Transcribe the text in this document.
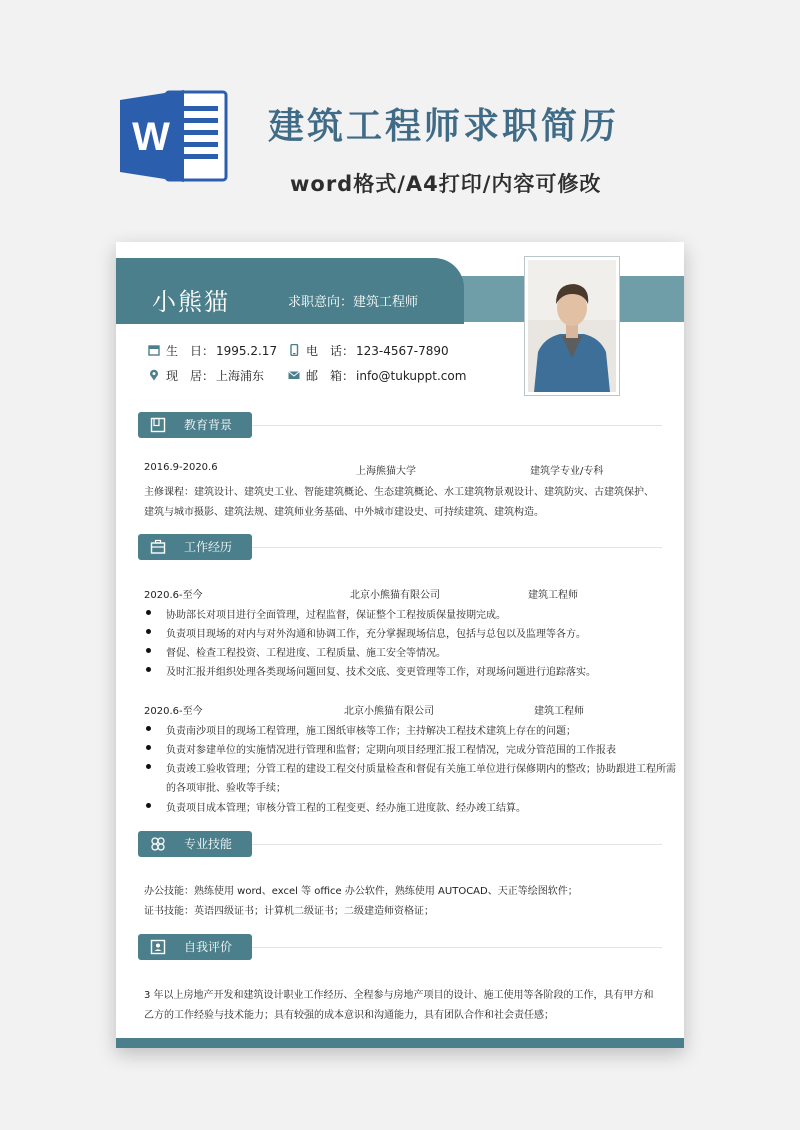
W	建筑工程师求职简历
word格式/A4打印/内容可修改
小熊猫	求职意向：建筑工程师
生　日： 1995.2.17	电　话： 123-4567-7890
现　居： 上海浦东	邮　箱： info@tukuppt.com
教育背景
2016.9-2020.6	上海熊猫大学	建筑学专业/专科
主修课程：建筑设计、建筑史工业、智能建筑概论、生态建筑概论、水工建筑物景观设计、建筑防灾、古建筑保护、
建筑与城市摄影、建筑法规、建筑师业务基础、中外城市建设史、可持续建筑、建筑构造。
工作经历
2020.6-至今	北京小熊猫有限公司	建筑工程师
协助部长对项目进行全面管理，过程监督，保证整个工程按质保量按期完成。
负责项目现场的对内与对外沟通和协调工作，充分掌握现场信息，包括与总包以及监理等各方。
督促、检查工程投资、工程进度、工程质量、施工安全等情况。
及时汇报并组织处理各类现场问题回复、技术交底、变更管理等工作，对现场问题进行追踪落实。
2020.6-至今	北京小熊猫有限公司	建筑工程师
负责南沙项目的现场工程管理，施工图纸审核等工作；主持解决工程技术建筑上存在的问题；
负责对参建单位的实施情况进行管理和监督；定期向项目经理汇报工程情况，完成分管范围的工作报表
负责竣工验收管理；分管工程的建设工程交付质量检查和督促有关施工单位进行保修期内的整改；协助跟进工程所需
的各项审批、验收等手续；
负责项目成本管理；审核分管工程的工程变更、经办施工进度款、经办竣工结算。
专业技能
办公技能：熟练使用 word、excel 等 office 办公软件，熟练使用 AUTOCAD、天正等绘图软件；
证书技能：英语四级证书；计算机二级证书；二级建造师资格证；
自我评价
3 年以上房地产开发和建筑设计职业工作经历、全程参与房地产项目的设计、施工使用等各阶段的工作，具有甲方和
乙方的工作经验与技术能力；具有较强的成本意识和沟通能力，具有团队合作和社会责任感；
